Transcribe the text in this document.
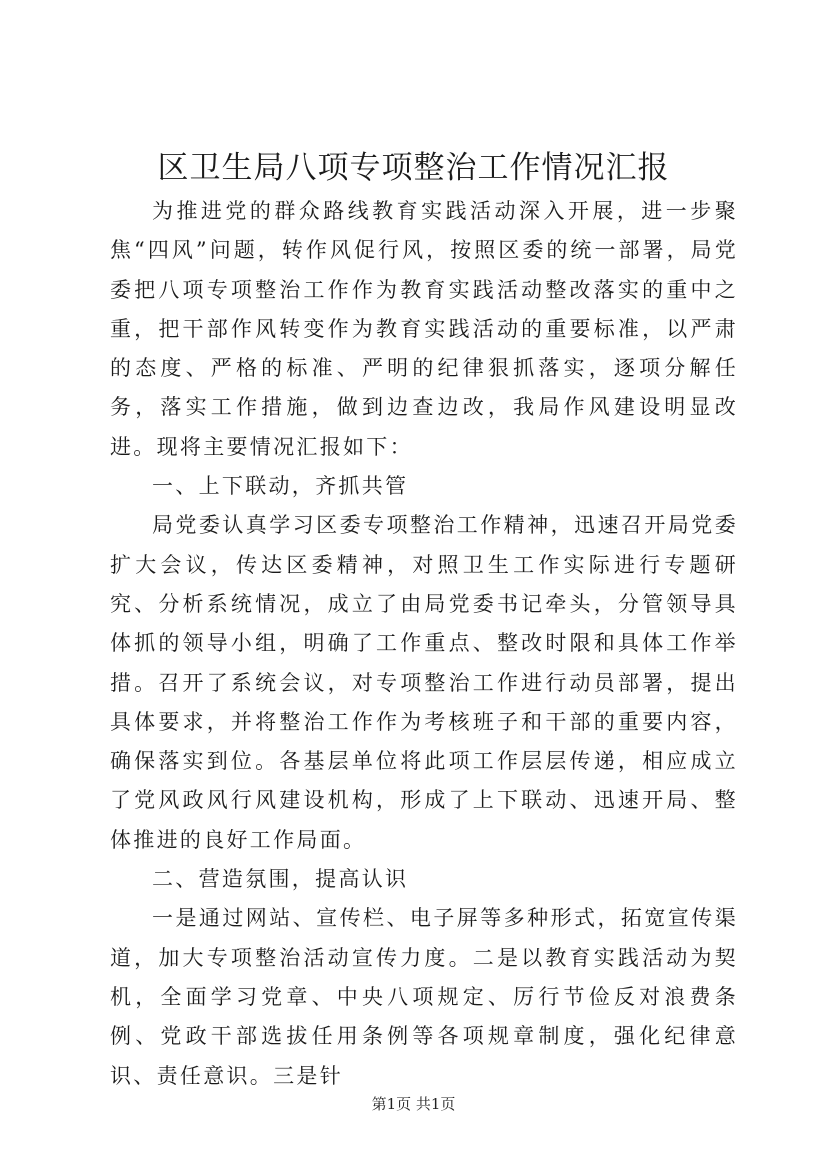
区卫生局八项专项整治工作情况汇报

为推进党的群众路线教育实践活动深入开展，进一步聚焦“四风”问题，转作风促行风，按照区委的统一部署，局党委把八项专项整治工作作为教育实践活动整改落实的重中之重，把干部作风转变作为教育实践活动的重要标准，以严肃的态度、严格的标准、严明的纪律狠抓落实，逐项分解任务，落实工作措施，做到边查边改，我局作风建设明显改进。现将主要情况汇报如下：

一、上下联动，齐抓共管

局党委认真学习区委专项整治工作精神，迅速召开局党委扩大会议，传达区委精神，对照卫生工作实际进行专题研究、分析系统情况，成立了由局党委书记牵头，分管领导具体抓的领导小组，明确了工作重点、整改时限和具体工作举措。召开了系统会议，对专项整治工作进行动员部署，提出具体要求，并将整治工作作为考核班子和干部的重要内容，确保落实到位。各基层单位将此项工作层层传递，相应成立了党风政风行风建设机构，形成了上下联动、迅速开局、整体推进的良好工作局面。

二、营造氛围，提高认识

一是通过网站、宣传栏、电子屏等多种形式，拓宽宣传渠道，加大专项整治活动宣传力度。二是以教育实践活动为契机，全面学习党章、中央八项规定、厉行节俭反对浪费条例、党政干部选拔任用条例等各项规章制度，强化纪律意识、责任意识。三是针

第1页 共1页
